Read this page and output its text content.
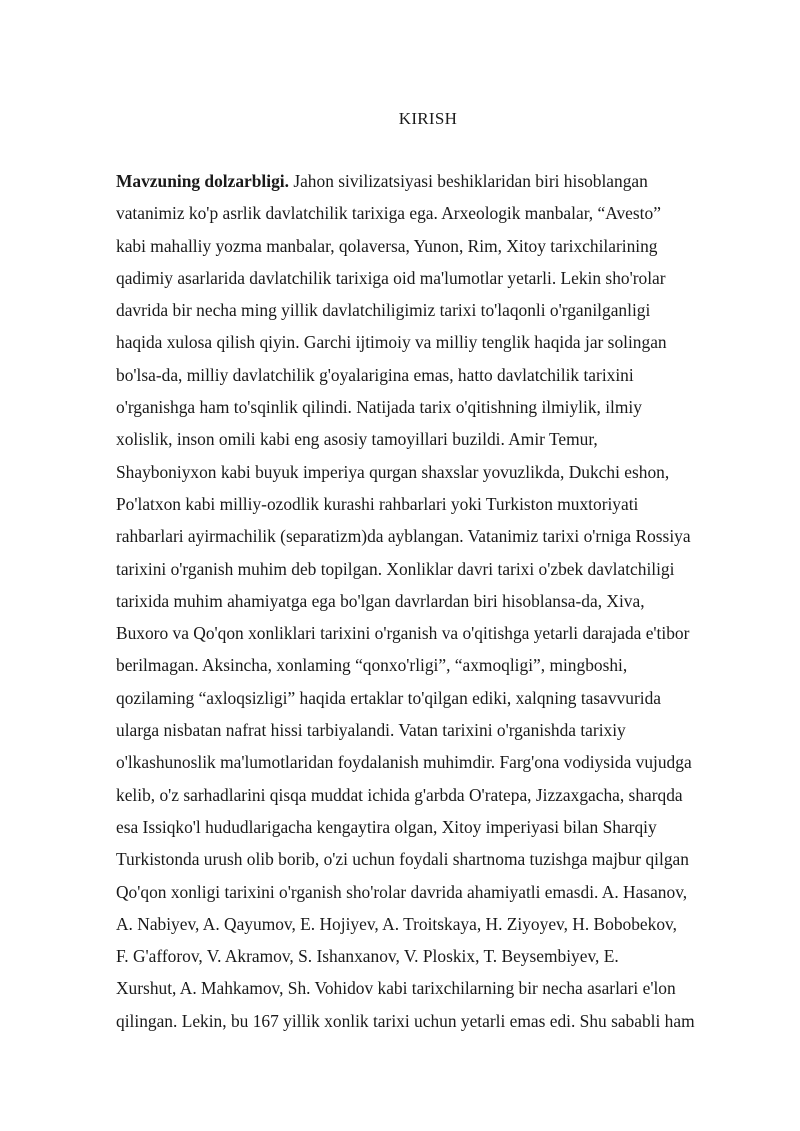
KIRISH
Mavzuning dolzarbligi. Jahon sivilizatsiyasi beshiklaridan biri hisoblangan
vatanimiz ko'p asrlik davlatchilik tarixiga ega. Arxeologik manbalar, “Avesto”
kabi mahalliy yozma manbalar, qolaversa, Yunon, Rim, Xitoy tarixchilarining
qadimiy asarlarida davlatchilik tarixiga oid ma'lumotlar yetarli. Lekin sho'rolar
davrida bir necha ming yillik davlatchiligimiz tarixi to'laqonli o'rganilganligi
haqida xulosa qilish qiyin. Garchi ijtimoiy va milliy tenglik haqida jar solingan
bo'lsa-da, milliy davlatchilik g'oyalarigina emas, hatto davlatchilik tarixini
o'rganishga ham to'sqinlik qilindi. Natijada tarix o'qitishning ilmiylik, ilmiy
xolislik, inson omili kabi eng asosiy tamoyillari buzildi. Amir Temur,
Shayboniyxon kabi buyuk imperiya qurgan shaxslar yovuzlikda, Dukchi eshon,
Po'latxon kabi milliy-ozodlik kurashi rahbarlari yoki Turkiston muxtoriyati
rahbarlari ayirmachilik (separatizm)da ayblangan. Vatanimiz tarixi o'rniga Rossiya
tarixini o'rganish muhim deb topilgan. Xonliklar davri tarixi o'zbek davlatchiligi
tarixida muhim ahamiyatga ega bo'lgan davrlardan biri hisoblansa-da, Xiva,
Buxoro va Qo'qon xonliklari tarixini o'rganish va o'qitishga yetarli darajada e'tibor
berilmagan. Aksincha, xonlaming “qonxo'rligi”, “axmoqligi”, mingboshi,
qozilaming “axloqsizligi” haqida ertaklar to'qilgan ediki, xalqning tasavvurida
ularga nisbatan nafrat hissi tarbiyalandi. Vatan tarixini o'rganishda tarixiy
o'lkashunoslik ma'lumotlaridan foydalanish muhimdir. Farg'ona vodiysida vujudga
kelib, o'z sarhadlarini qisqa muddat ichida g'arbda O'ratepa, Jizzaxgacha, sharqda
esa Issiqko'l hududlarigacha kengaytira olgan, Xitoy imperiyasi bilan Sharqiy
Turkistonda urush olib borib, o'zi uchun foydali shartnoma tuzishga majbur qilgan
Qo'qon xonligi tarixini o'rganish sho'rolar davrida ahamiyatli emasdi. A. Hasanov,
A. Nabiyev, A. Qayumov, E. Hojiyev, A. Troitskaya, H. Ziyoyev, H. Bobobekov,
F. G'afforov, V. Akramov, S. Ishanxanov, V. Ploskix, T. Beysembiyev, E.
Xurshut, A. Mahkamov, Sh. Vohidov kabi tarixchilarning bir necha asarlari e'lon
qilingan. Lekin, bu 167 yillik xonlik tarixi uchun yetarli emas edi. Shu sababli ham
